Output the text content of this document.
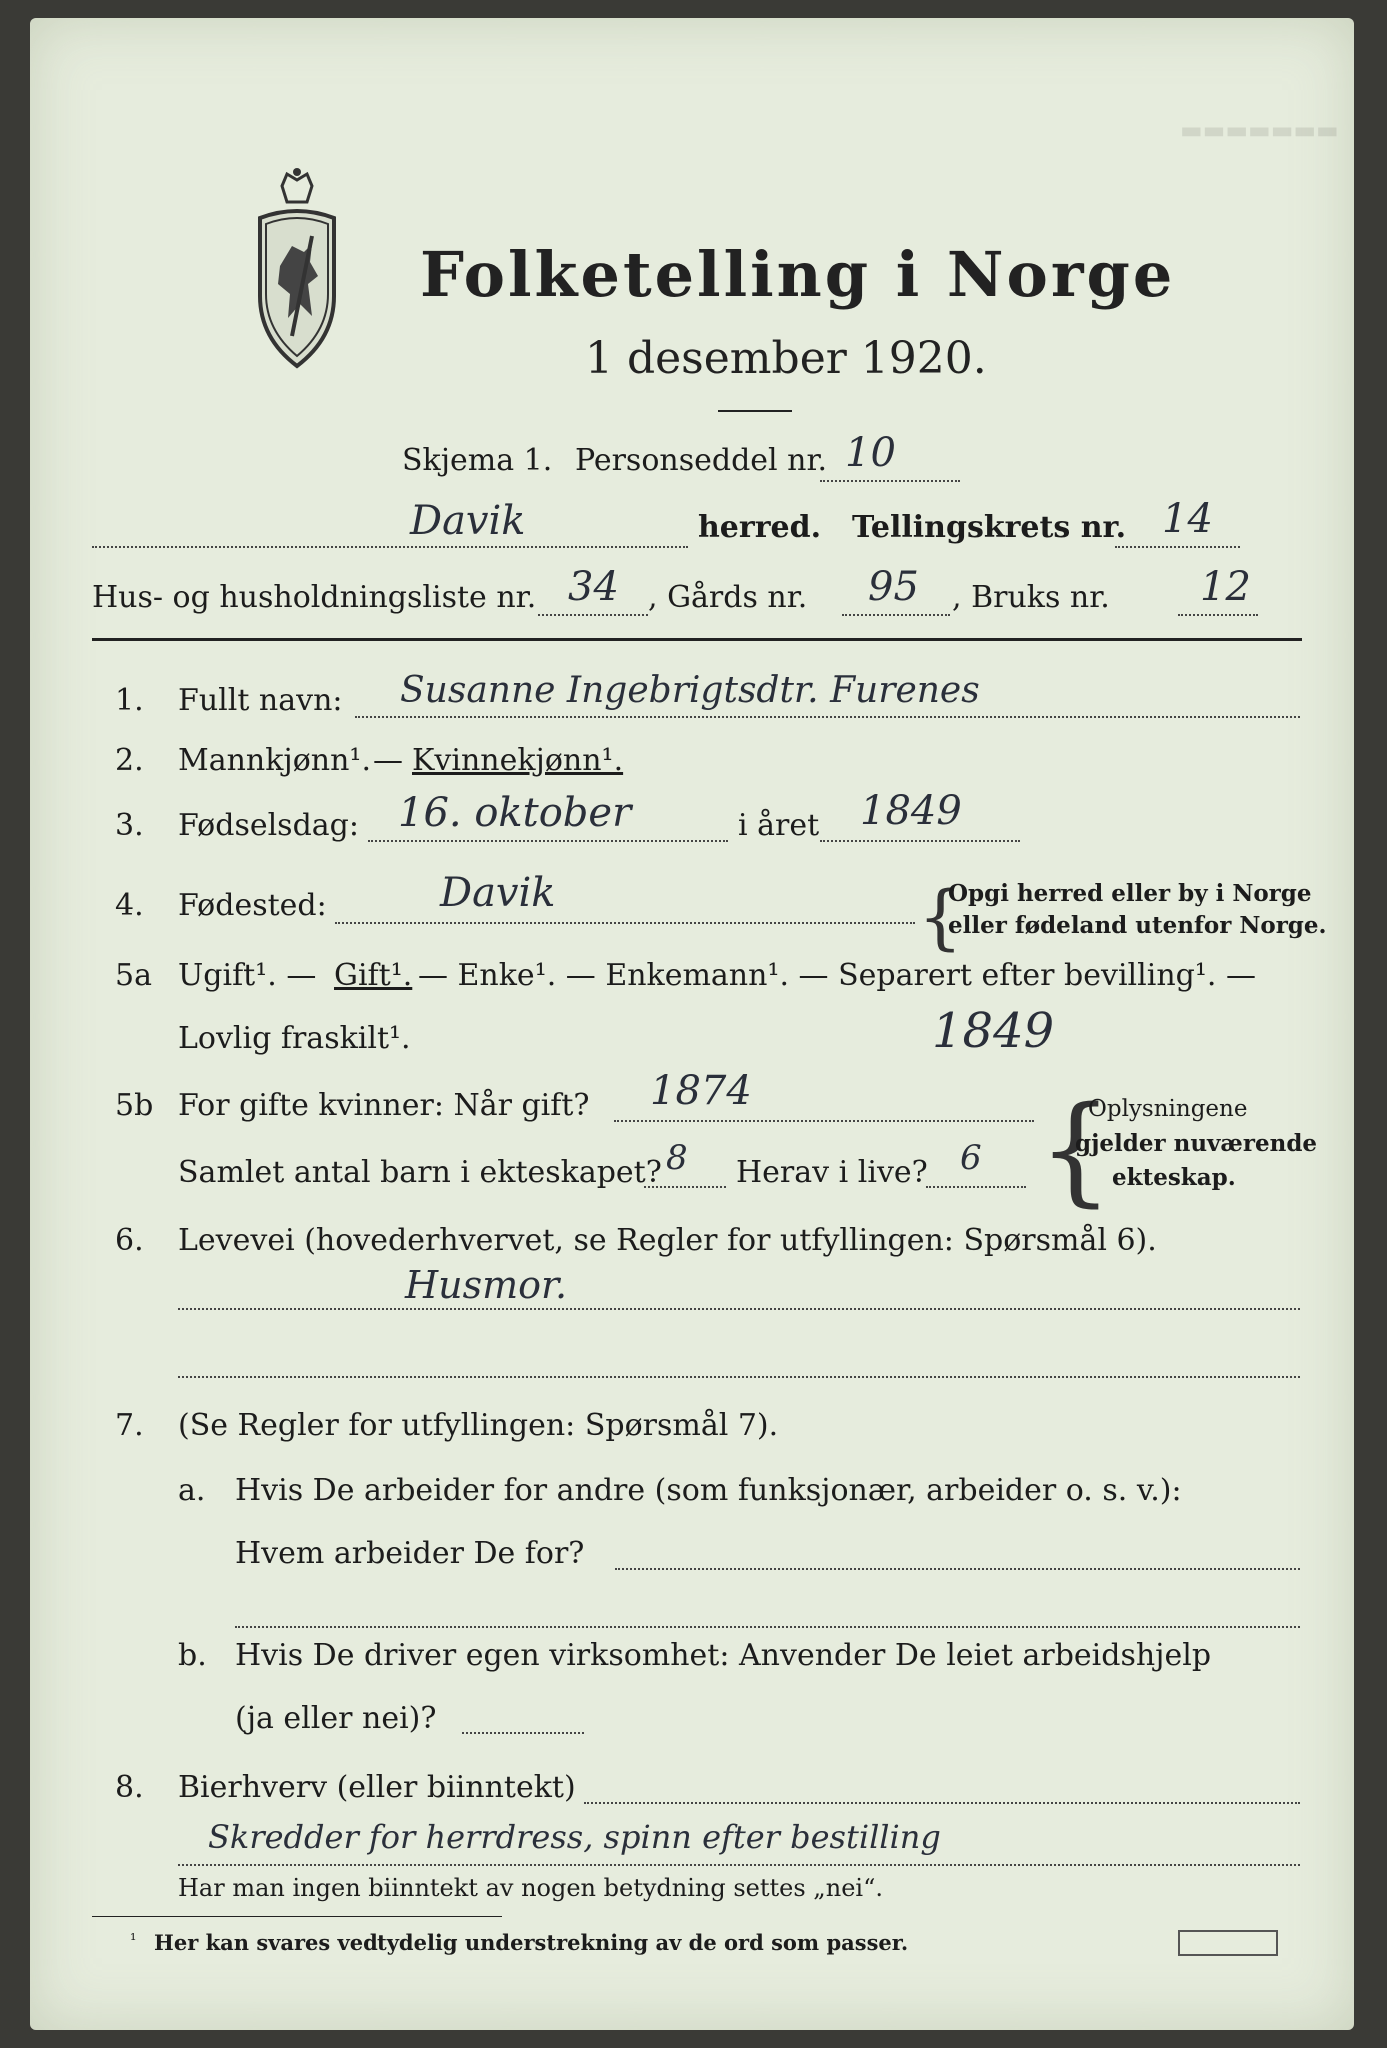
▬▬▬▬▬▬▬
Folketelling i Norge
1 desember 1920.
Skjema 1. Personseddel nr. 10
Davik	herred. Tellingskrets nr. 14
Hus- og husholdningsliste nr. 34 , Gårds nr. 95 , Bruks nr. 12
1. Fullt navn: Susanne Ingebrigtsdtr. Furenes
2. Mannkjønn¹. — Kvinnekjønn¹.
3. Fødselsdag: 16. oktober	i året 1849
4. Fødested:	Davik	{
Opgi herred eller by i Norge
eller fødeland utenfor Norge.
5a Ugift¹. — Gift¹. — Enke¹. — Enkemann¹. — Separert efter bevilling¹. —
Lovlig fraskilt¹.	1849
5b For gifte kvinner: Når gift? 1874
Samlet antal barn i ekteskapet? 8 Herav i live? 6 {
Oplysningene
gjelder nuværende
ekteskap.
6. Levevei (hovederhvervet, se Regler for utfyllingen: Spørsmål 6).
Husmor.
7. (Se Regler for utfyllingen: Spørsmål 7).
a. Hvis De arbeider for andre (som funksjonær, arbeider o. s. v.):
Hvem arbeider De for?
b. Hvis De driver egen virksomhet: Anvender De leiet arbeidshjelp
(ja eller nei)?
8. Bierhverv (eller biinntekt)
Skredder for herrdress, spinn efter bestilling
Har man ingen biinntekt av nogen betydning settes „nei“.
¹ Her kan svares ved tydelig understrekning av de ord som passer.
